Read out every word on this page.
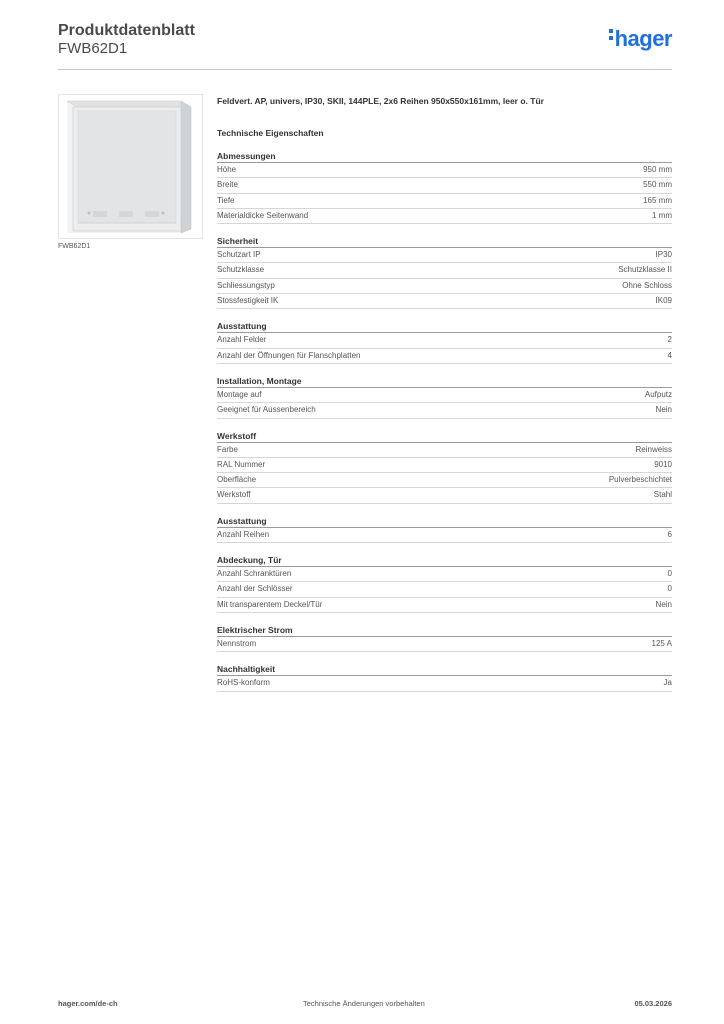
Produktdatenblatt
FWB62D1	hager
FWB62D1
Feldvert. AP, univers, IP30, SKII, 144PLE, 2x6 Reihen 950x550x161mm, leer o. Tür
Technische Eigenschaften
Abmessungen
Höhe	950 mm
Breite	550 mm
Tiefe	165 mm
Materialdicke Seitenwand	1 mm
Sicherheit
Schutzart IP	IP30
Schutzklasse	Schutzklasse II
Schliessungstyp	Ohne Schloss
Stossfestigkeit IK	IK09
Ausstattung
Anzahl Felder	2
Anzahl der Öffnungen für Flanschplatten	4
Installation, Montage
Montage auf	Aufputz
Geeignet für Aussenbereich	Nein
Werkstoff
Farbe	Reinweiss
RAL Nummer	9010
Oberfläche	Pulverbeschichtet
Werkstoff	Stahl
Ausstattung
Anzahl Reihen	6
Abdeckung, Tür
Anzahl Schranktüren	0
Anzahl der Schlösser	0
Mit transparentem Deckel/Tür	Nein
Elektrischer Strom
Nennstrom	125 A
Nachhaltigkeit
RoHS-konform	Ja
hager.com/de-ch	Technische Änderungen vorbehalten	05.03.2026
